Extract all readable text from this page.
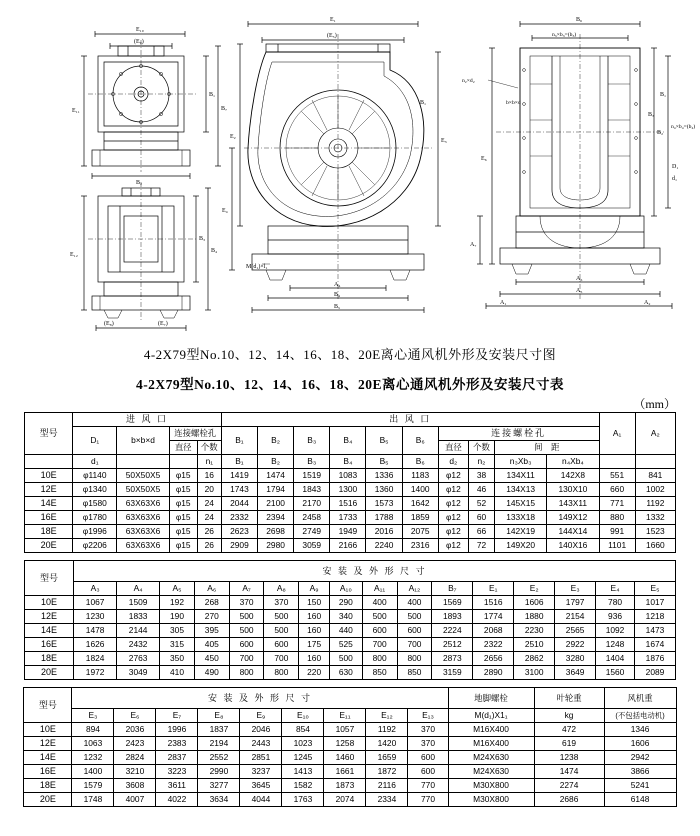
E₁₀
(E₉)
B₁
B₇
B₂
E₁₁
B₃
B₄
E₁₂
(E₈)	(E₇)
E₁
(E₅)
M(d₁)×l₁
A₄
B₄
B₅
E₂
E₄
E₃
B₁
B₆
n₃×b₃=(b₃)
n₂×d₂
b×b×d
B₂
n₄×b₄=(b₄)
E₆
A₇
A₆
A₅
A₁	A₂
B₁
B₃
d₁
D₁
4-2X79型No.10、12、14、16、18、20E离心通风机外形及安装尺寸图
4-2X79型No.10、12、14、16、18、20E离心通风机外形及安装尺寸表
（mm）
型号	进 风 口				出 风 口										A₁	A₂
	D₁	b×b×d	连接螺栓孔		B₁	B₂	B₃	B₄	B₅	B₆	连接螺栓孔					
			直径	个数							直径	个数	间　距			
	d₁			n₁	B₁	B₂	B₃	B₄	B₅	B₆	d₂	n₂	n₃Xb₃	n₄Xb₄		
10E	φ1140	50X50X5	φ15	16	1419	1474	1519	1083	1336	1183	φ12	38	134X11	142X8	551	841
12E	φ1340	50X50X5	φ15	20	1743	1794	1843	1300	1360	1400	φ12	46	134X13	130X10	660	1002
14E	φ1580	63X63X6	φ15	24	2044	2100	2170	1516	1573	1642	φ12	52	145X15	143X11	771	1192
16E	φ1780	63X63X6	φ15	24	2332	2394	2458	1733	1788	1859	φ12	60	133X18	149X12	880	1332
18E	φ1996	63X63X6	φ15	26	2623	2698	2749	1949	2016	2075	φ12	66	142X19	144X14	991	1523
20E	φ2206	63X63X6	φ15	26	2909	2980	3059	2166	2240	2316	φ12	72	149X20	140X16	1101	1660
型号	安 装 及 外 形 尺 寸															
	A₃	A₄	A₅	A₆	A₇	A₈	A₉	A₁₀	A₁₁	A₁₂	B₇	E₁	E₂	E₃	E₄	E₅
10E	1067	1509	192	268	370	370	150	290	400	400	1569	1516	1606	1797	780	1017
12E	1230	1833	190	270	500	500	160	340	500	500	1893	1774	1880	2154	936	1218
14E	1478	2144	305	395	500	500	160	440	600	600	2224	2068	2230	2565	1092	1473
16E	1626	2432	315	405	600	600	175	525	700	700	2512	2322	2510	2922	1248	1674
18E	1824	2763	350	450	700	700	160	500	800	800	2873	2656	2862	3280	1404	1876
20E	1972	3049	410	490	800	800	220	630	850	850	3159	2890	3100	3649	1560	2089
型号	安 装 及 外 形 尺 寸									地脚螺栓	叶轮重	风机重
	E₃	E₆	E₇	E₈	E₉	E₁₀	E₁₁	E₁₂	E₁₃	M(d₁)X1₁	kg	(不包括电动机)
10E	894	2036	1996	1837	2046	854	1057	1192	370	M16X400	472	1346
12E	1063	2423	2383	2194	2443	1023	1258	1420	370	M16X400	619	1606
14E	1232	2824	2837	2552	2851	1245	1460	1659	600	M24X630	1238	2942
16E	1400	3210	3223	2990	3237	1413	1661	1872	600	M24X630	1474	3866
18E	1579	3608	3611	3277	3645	1582	1873	2116	770	M30X800	2274	5241
20E	1748	4007	4022	3634	4044	1763	2074	2334	770	M30X800	2686	6148
